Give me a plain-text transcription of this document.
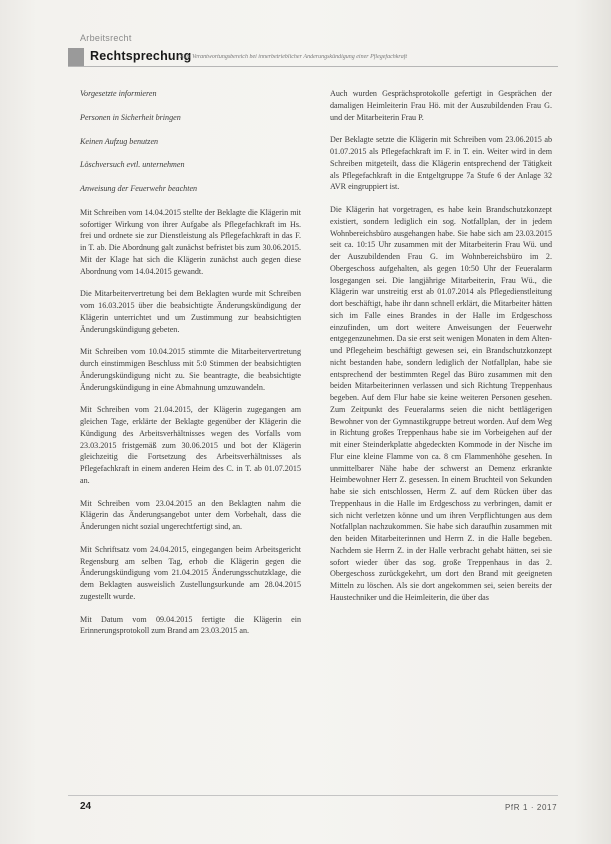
Arbeitsrecht
Rechtsprechung
Zum Verantwortungsbereich bei innerbetrieblicher Änderungskündigung einer Pflegefachkraft

Vorgesetzte informieren

Personen in Sicherheit bringen

Keinen Aufzug benutzen

Löschversuch evtl. unternehmen

Anweisung der Feuerwehr beachten

Mit Schreiben vom 14.04.2015 stellte der Beklagte die Klägerin mit sofortiger Wirkung von ihrer Aufgabe als Pflegefachkraft im Hs. frei und ordnete sie zur Dienstleistung als Pflegefachkraft in das F. in T. ab. Die Abordnung galt zunächst befristet bis zum 30.06.2015. Mit der Klage hat sich die Klägerin zunächst auch gegen diese Abordnung vom 14.04.2015 gewandt.

Die Mitarbeitervertretung bei dem Beklagten wurde mit Schreiben vom 16.03.2015 über die beabsichtigte Änderungskündigung der Klägerin unterrichtet und um Zustimmung zur beabsichtigten Änderungskündigung gebeten.

Mit Schreiben vom 10.04.2015 stimmte die Mitarbeitervertretung durch einstimmigen Beschluss mit 5:0 Stimmen der beabsichtigten Änderungskündigung nicht zu. Sie beantragte, die beabsichtigte Änderungskündigung in eine Abmahnung umzuwandeln.

Mit Schreiben vom 21.04.2015, der Klägerin zugegangen am gleichen Tage, erklärte der Beklagte gegenüber der Klägerin die Kündigung des Arbeitsverhältnisses wegen des Vorfalls vom 23.03.2015 fristgemäß zum 30.06.2015 und bot der Klägerin gleichzeitig die Fortsetzung des Arbeitsverhältnisses als Pflegefachkraft in einem anderen Heim des C. in T. ab 01.07.2015 an.

Mit Schreiben vom 23.04.2015 an den Beklagten nahm die Klägerin das Änderungsangebot unter dem Vorbehalt, dass die Änderungen nicht sozial ungerechtfertigt sind, an.

Mit Schriftsatz vom 24.04.2015, eingegangen beim Arbeitsgericht Regensburg am selben Tag, erhob die Klägerin gegen die Änderungskündigung vom 21.04.2015 Änderungsschutzklage, die dem Beklagten ausweislich Zustellungsurkunde am 28.04.2015 zugestellt wurde.

Mit Datum vom 09.04.2015 fertigte die Klägerin ein Erinnerungsprotokoll zum Brand am 23.03.2015 an.

Auch wurden Gesprächsprotokolle gefertigt in Gesprächen der damaligen Heimleiterin Frau Hö. mit der Auszubildenden Frau G. und der Mitarbeiterin Frau P.

Der Beklagte setzte die Klägerin mit Schreiben vom 23.06.2015 ab 01.07.2015 als Pflegefachkraft im F. in T. ein. Weiter wird in dem Schreiben mitgeteilt, dass die Klägerin entsprechend der Tätigkeit als Pflegefachkraft in die Entgeltgruppe 7a Stufe 6 der Anlage 32 AVR eingruppiert ist.

Die Klägerin hat vorgetragen, es habe kein Brandschutzkonzept existiert, sondern lediglich ein sog. Notfallplan, der in jedem Wohnbereichsbüro ausgehangen habe. Sie habe sich am 23.03.2015 seit ca. 10:15 Uhr zusammen mit der Mitarbeiterin Frau Wü. und der Auszubildenden Frau G. im Wohnbereichsbüro im 2. Obergeschoss aufgehalten, als gegen 10:50 Uhr der Feueralarm losgegangen sei. Die langjährige Mitarbeiterin, Frau Wü., die Klägerin war unstreitig erst ab 01.07.2014 als Pflegedienstleitung dort beschäftigt, habe ihr dann schnell erklärt, die Mitarbeiter hätten sich im Falle eines Brandes in der Halle im Erdgeschoss einzufinden, um dort weitere Anweisungen der Feuerwehr entgegenzunehmen. Da sie erst seit wenigen Monaten in dem Alten- und Pflegeheim beschäftigt gewesen sei, ein Brandschutzkonzept nicht bestanden habe, sondern lediglich der Notfallplan, habe sie entsprechend der bestimmten Regel das Büro zusammen mit den beiden Mitarbeiterinnen verlassen und sich Richtung Treppenhaus begeben. Auf dem Flur habe sie keine weiteren Personen gesehen. Zum Zeitpunkt des Feueralarms seien die nicht bettlägerigen Bewohner von der Gymnastikgruppe betreut worden. Auf dem Weg in Richtung großes Treppenhaus habe sie im Vorbeigehen auf der mit einer Steinderkplatte abgedeckten Kommode in der Nische im Flur eine kleine Flamme von ca. 8 cm Flammenhöhe gesehen. In unmittelbarer Nähe habe der schwerst an Demenz erkrankte Heimbewohner Herr Z. gesessen. In einem Bruchteil von Sekunden habe sie sich entschlossen, Herrn Z. auf dem Rücken über das Treppenhaus in die Halle im Erdgeschoss zu verbringen, damit er sich nicht verletzen könne und um ihren Verpflichtungen aus dem Notfallplan nachzukommen. Sie habe sich daraufhin zusammen mit den beiden Mitarbeiterinnen und Herrn Z. in die Halle begeben. Nachdem sie Herrn Z. in der Halle verbracht gehabt hätten, sei sie sofort wieder über das sog. große Treppenhaus in das 2. Obergeschoss zurückgekehrt, um dort den Brand mit geeigneten Mitteln zu löschen. Als sie dort angekommen sei, seien bereits der Haustechniker und die Heimleiterin, die über das

24	PfR 1 · 2017
